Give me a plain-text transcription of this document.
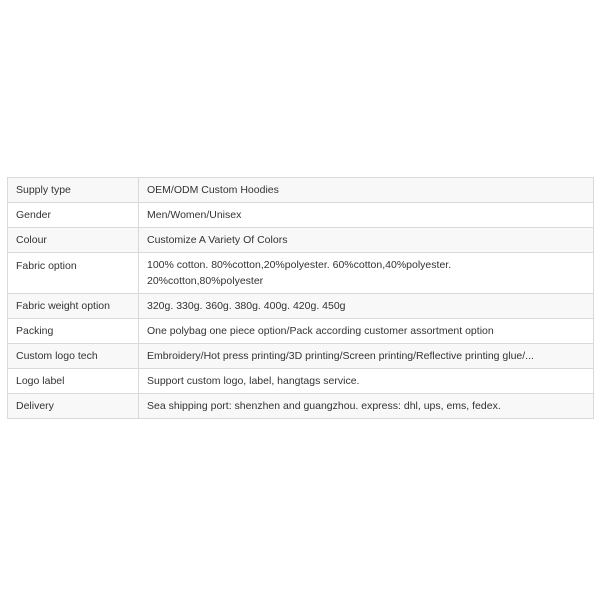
Supply type	OEM/ODM Custom Hoodies
Gender	Men/Women/Unisex
Colour	Customize A Variety Of Colors
Fabric option	100% cotton. 80%cotton,20%polyester. 60%cotton,40%polyester. 20%cotton,80%polyester
Fabric weight option	320g. 330g. 360g. 380g. 400g. 420g. 450g
Packing	One polybag one piece option/Pack according customer assortment option
Custom logo tech	Embroidery/Hot press printing/3D printing/Screen printing/Reflective printing glue/...
Logo label	Support custom logo, label, hangtags service.
Delivery	Sea shipping port: shenzhen and guangzhou. express: dhl, ups, ems, fedex.
